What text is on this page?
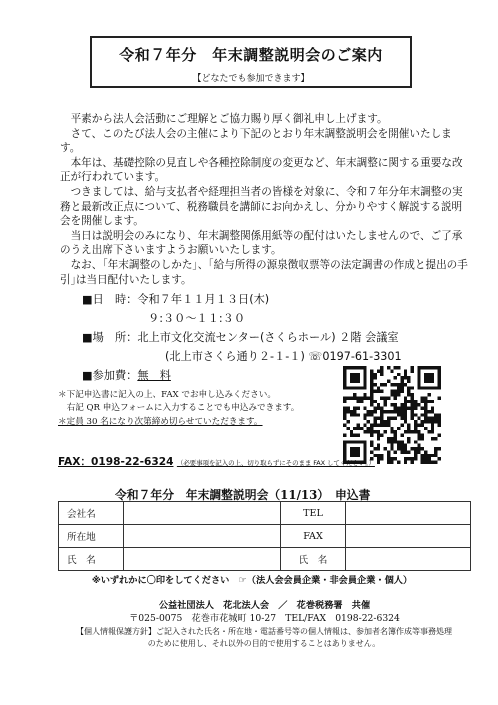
令和７年分　年末調整説明会のご案内
【どなたでも参加できます】

　平素から法人会活動にご理解とご協力賜り厚く御礼申し上げます。

　さて、このたび法人会の主催により下記のとおり年末調整説明会を開催いたします。

　本年は、基礎控除の見直しや各種控除制度の変更など、年末調整に関する重要な改正が行われています。

　つきましては、給与支払者や経理担当者の皆様を対象に、令和７年分年末調整の実務と最新改正点について、税務職員を講師にお向かえし、分かりやすく解説する説明会を開催します。

　当日は説明会のみになり、年末調整関係用紙等の配付はいたしませんので、ご了承のうえ出席下さいますようお願いいたします。

　なお、｢年末調整のしかた｣、｢給与所得の源泉徴収票等の法定調書の作成と提出の手引｣は当日配付いたします。

■日　時：令和７年１１月１３日(木)
９:３０〜１１:３０
■場　所：北上市文化交流センター(さくらホール) ２階 会議室
(北上市さくら通り２-１-１) ☏0197-61-3301
■参加費：無　料
＊下記申込書に記入の上、FAX でお申し込みください。
　右記 QR 申込フォームに入力することでも申込みできます。
＊定員 30 名になり次第締め切らせていただきます。
FAX：0198-22-6324 （必要事項を記入の上、切り取らずにそのまま FAX してください。）
令和７年分　年末調整説明会（11/13）　申込書
会社名		TEL	
所在地		FAX	
氏　名		氏　名	
※いずれかに〇印をしてください　☞（法人会会員企業・非会員企業・個人）
公益社団法人　花北法人会　／　花巻税務署　共催
〒025-0075　花巻市花城町 10-27　TEL/FAX　0198-22-6324
【個人情報保護方針】ご記入された氏名・所在地・電話番号等の個人情報は、参加者名簿作成等事務処理
のために使用し、それ以外の目的で使用することはありません。
